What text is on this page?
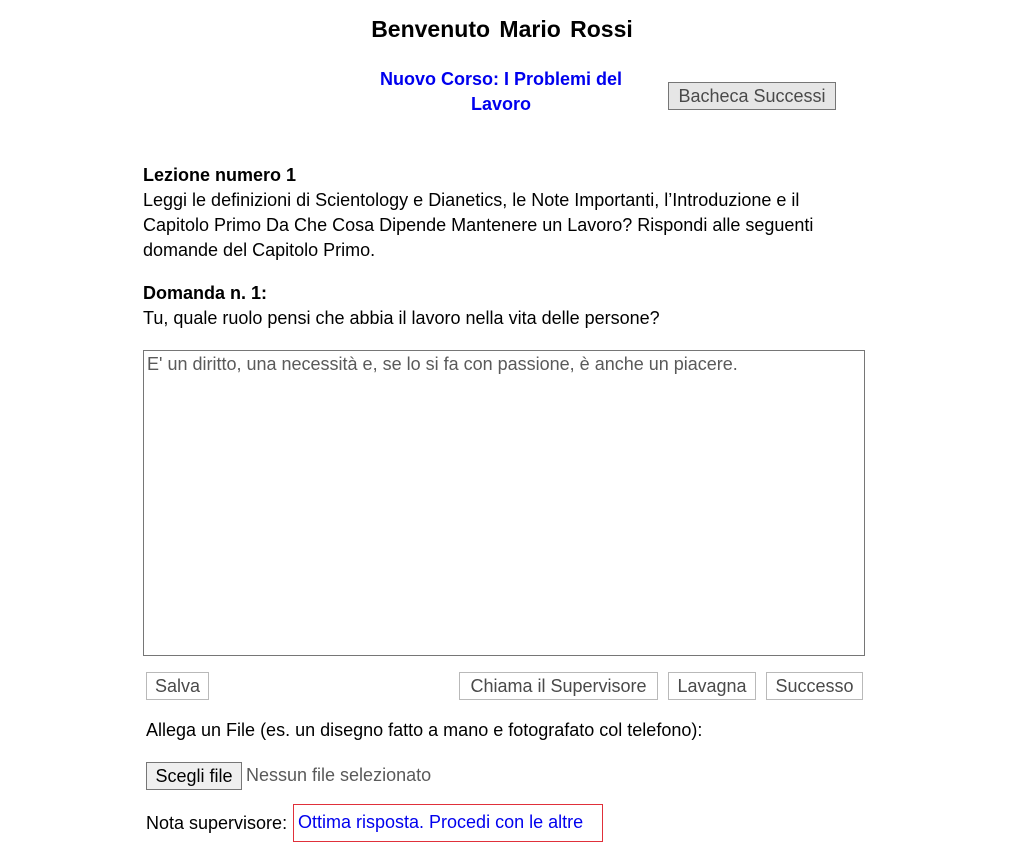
Benvenuto Mario Rossi
Nuovo Corso: I Problemi del Lavoro	Bacheca Successi
Lezione numero 1
Leggi le definizioni di Scientology e Dianetics, le Note Importanti, l’Introduzione e il Capitolo Primo Da Che Cosa Dipende Mantenere un Lavoro? Rispondi alle seguenti domande del Capitolo Primo.
Domanda n. 1:
Tu, quale ruolo pensi che abbia il lavoro nella vita delle persone?
E' un diritto, una necessità e, se lo si fa con passione, è anche un piacere.
Salva	Chiama il Supervisore	Lavagna	Successo
Allega un File (es. un disegno fatto a mano e fotografato col telefono):
Scegli file Nessun file selezionato
Nota supervisore: Ottima risposta. Procedi con le altre
